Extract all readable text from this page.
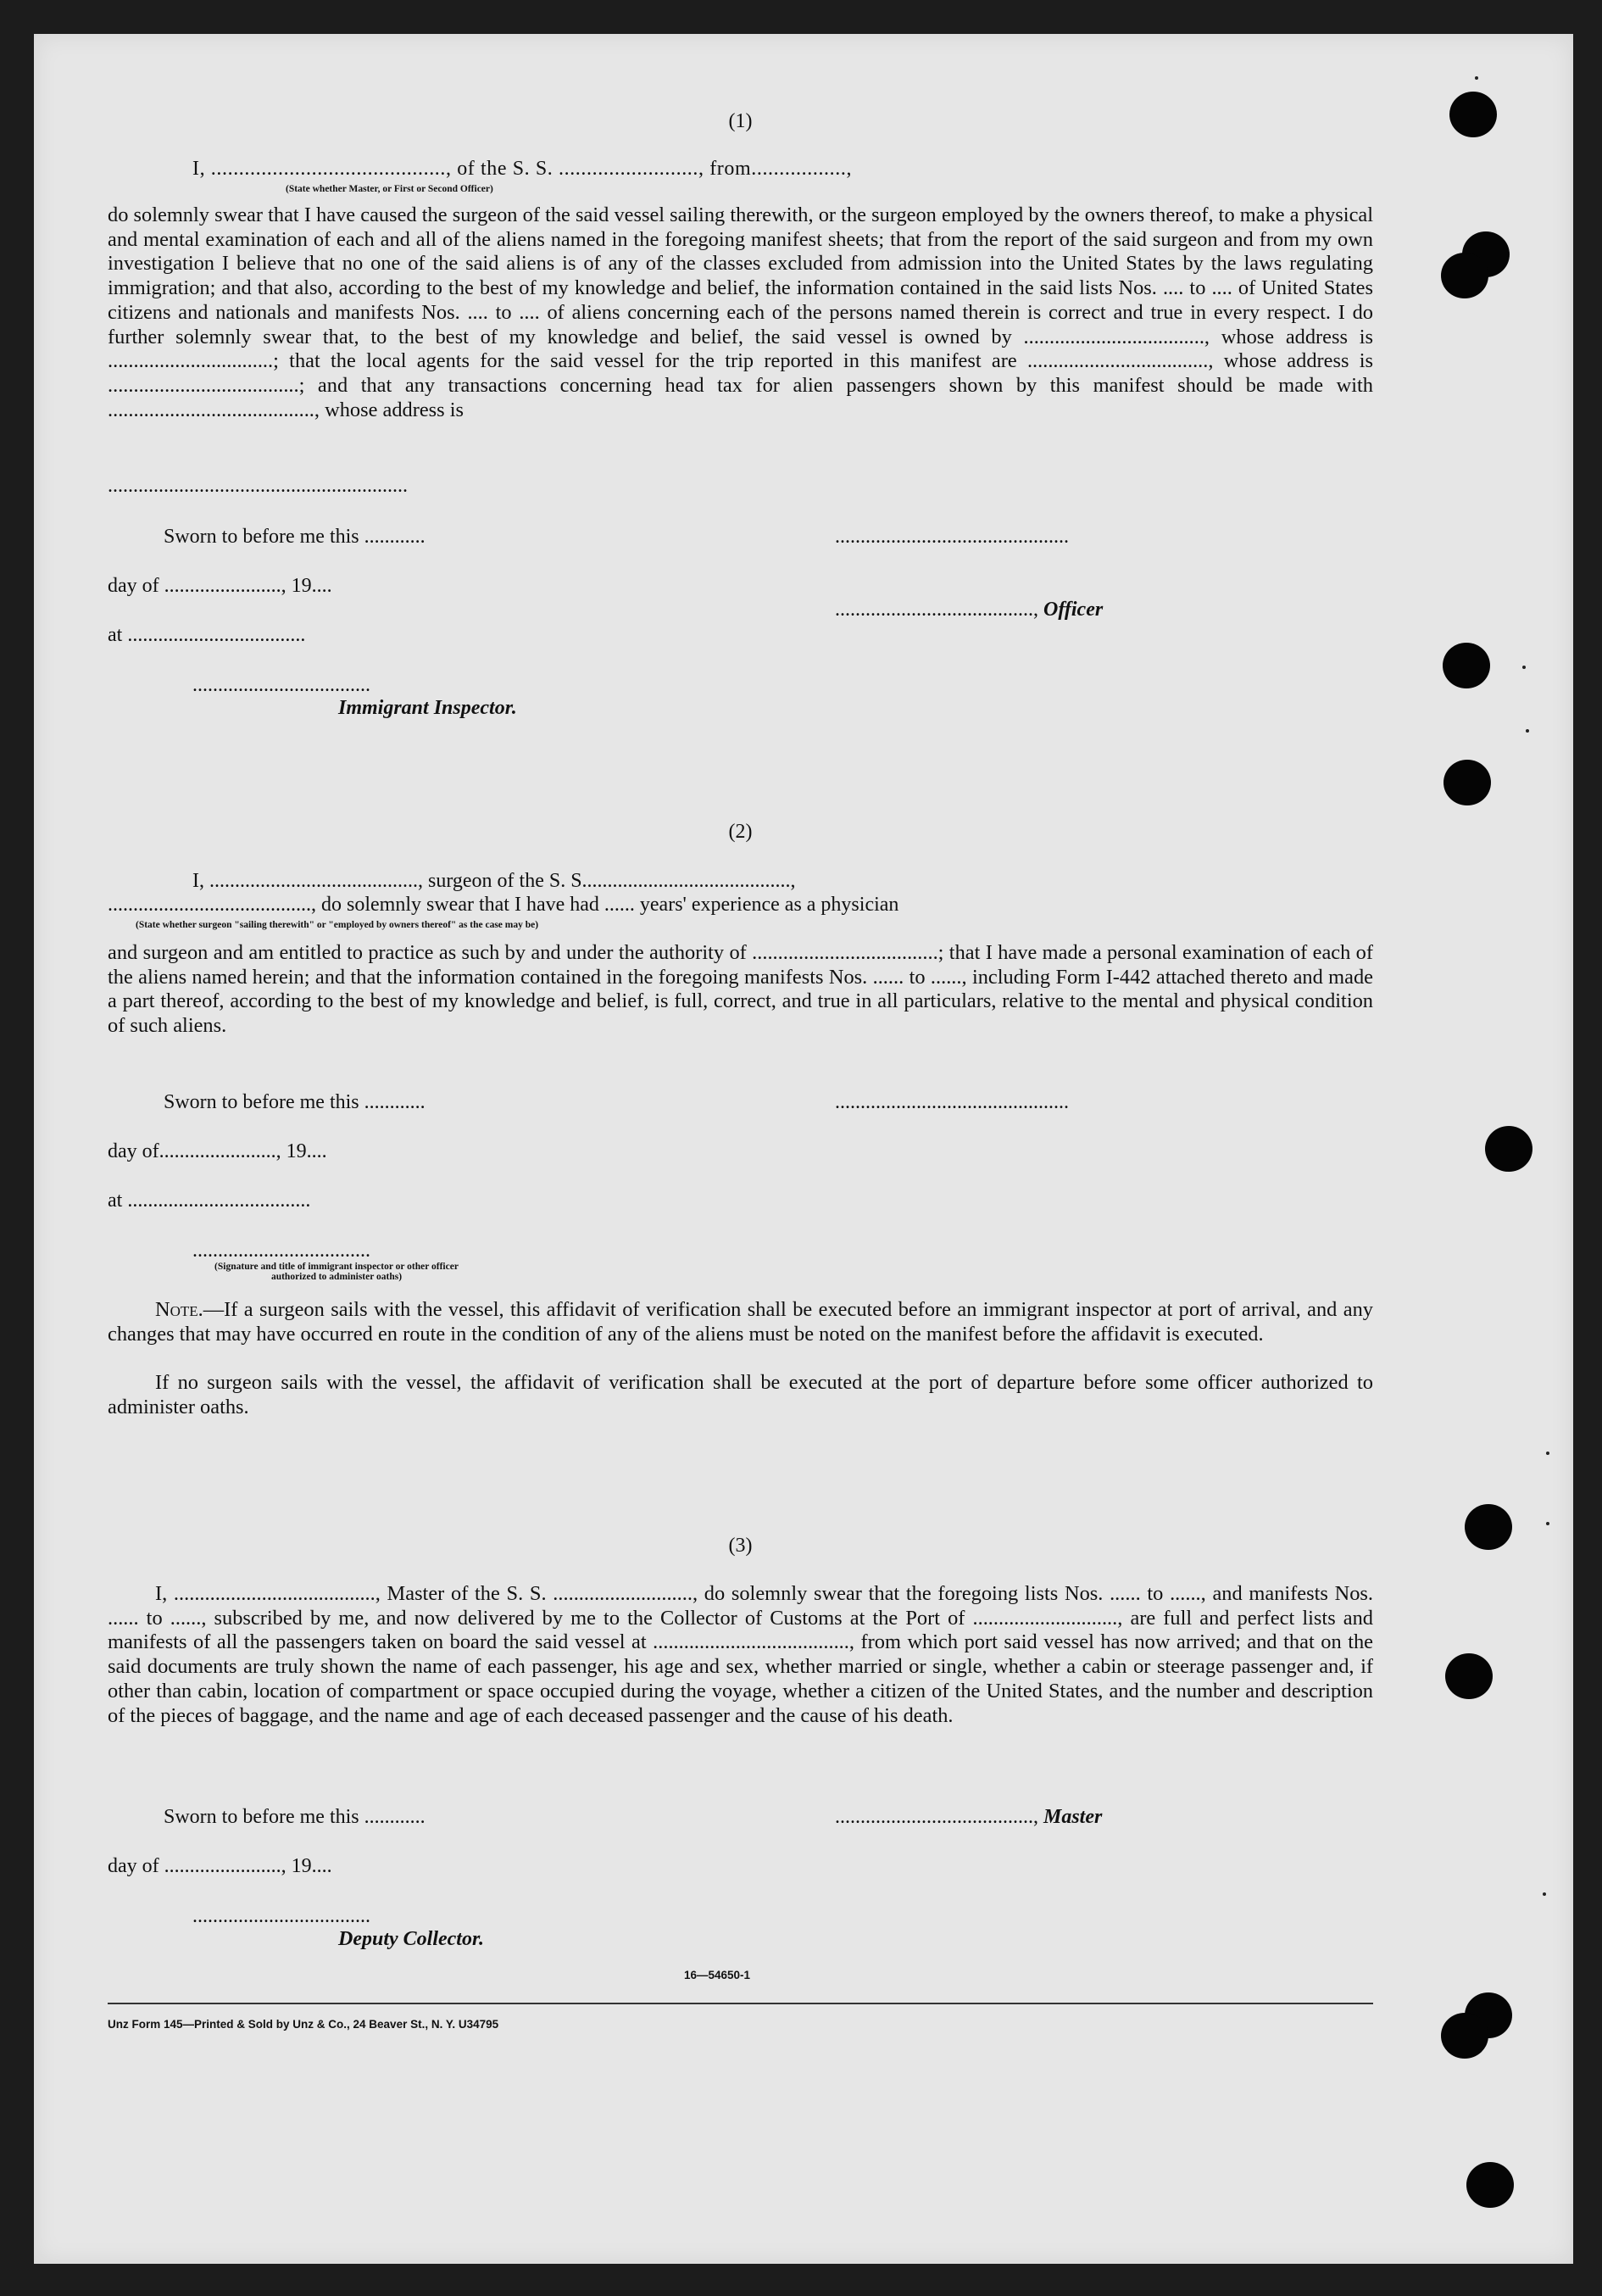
(1)
I, .........................................., of the S. S. ........................., from.................,
(State whether Master, or First or Second Officer)
do solemnly swear that I have caused the surgeon of the said vessel sailing therewith, or the surgeon employed by the owners thereof, to make a physical and mental examination of each and all of the aliens named in the foregoing manifest sheets; that from the report of the said surgeon and from my own investigation I believe that no one of the said aliens is of any of the classes excluded from admission into the United States by the laws regulating immigration; and that also, according to the best of my knowledge and belief, the information contained in the said lists Nos. .... to .... of United States citizens and nationals and manifests Nos. .... to .... of aliens concerning each of the persons named therein is correct and true in every respect. I do further solemnly swear that, to the best of my knowledge and belief, the said vessel is owned by ..................................., whose address is ................................; that the local agents for the said vessel for the trip reported in this manifest are ..................................., whose address is .....................................; and that any transactions concerning head tax for alien passengers shown by this manifest should be made with ........................................, whose address is
...........................................................
Sworn to before me this ............	..............................................
day of ......................., 19....
......................................., Officer
at ...................................
...................................
Immigrant Inspector.
(2)
I, ........................................., surgeon of the S. S.........................................,
........................................, do solemnly swear that I have had ...... years' experience as a physician
(State whether surgeon "sailing therewith" or "employed by owners thereof" as the case may be)
and surgeon and am entitled to practice as such by and under the authority of ....................................; that I have made a personal examination of each of the aliens named herein; and that the information contained in the foregoing manifests Nos. ...... to ......, including Form I-442 attached thereto and made a part thereof, according to the best of my knowledge and belief, is full, correct, and true in all particulars, relative to the mental and physical condition of such aliens.
Sworn to before me this ............	..............................................
day of......................., 19....
at ....................................
...................................
(Signature and title of immigrant inspector or other officer authorized to administer oaths)
Note.—If a surgeon sails with the vessel, this affidavit of verification shall be executed before an immigrant inspector at port of arrival, and any changes that may have occurred en route in the condition of any of the aliens must be noted on the manifest before the affidavit is executed.
If no surgeon sails with the vessel, the affidavit of verification shall be executed at the port of departure before some officer authorized to administer oaths.
(3)
I, ......................................., Master of the S. S. ..........................., do solemnly swear that the foregoing lists Nos. ...... to ......, and manifests Nos. ...... to ......, subscribed by me, and now delivered by me to the Collector of Customs at the Port of ............................, are full and perfect lists and manifests of all the passengers taken on board the said vessel at ......................................, from which port said vessel has now arrived; and that on the said documents are truly shown the name of each passenger, his age and sex, whether married or single, whether a cabin or steerage passenger and, if other than cabin, location of compartment or space occupied during the voyage, whether a citizen of the United States, and the number and description of the pieces of baggage, and the name and age of each deceased passenger and the cause of his death.
Sworn to before me this ............	......................................., Master
day of ......................., 19....
...................................
Deputy Collector.
16—54650-1
Unz Form 145—Printed & Sold by Unz & Co., 24 Beaver St., N. Y. U34795
